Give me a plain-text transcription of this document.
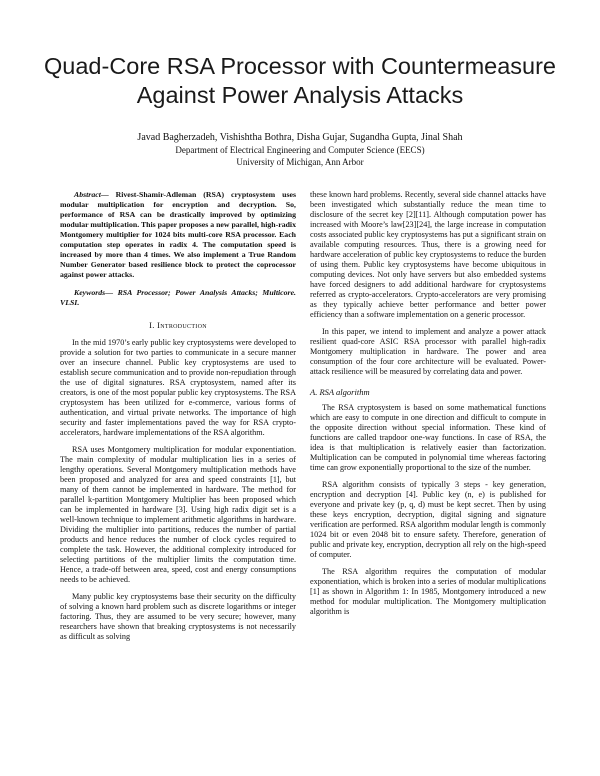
Quad-Core RSA Processor with Countermeasure
Against Power Analysis Attacks
Javad Bagherzadeh, Vishishtha Bothra, Disha Gujar, Sugandha Gupta, Jinal Shah
Department of Electrical Engineering and Computer Science (EECS)
University of Michigan, Ann Arbor

Abstract— Rivest-Shamir-Adleman (RSA) cryptosystem uses modular multiplication for encryption and decryption. So, performance of RSA can be drastically improved by optimizing modular multiplication. This paper proposes a new parallel, high-radix Montgomery multiplier for 1024 bits multi-core RSA processor. Each computation step operates in radix 4. The computation speed is increased by more than 4 times. We also implement a True Random Number Generator based resilience block to protect the coprocessor against power attacks.

Keywords— RSA Processor; Power Analysis Attacks; Multicore. VLSI.

I. Introduction

In the mid 1970’s early public key cryptosystems were developed to provide a solution for two parties to communicate in a secure manner over an insecure channel. Public key cryptosystems are used to establish secure communication and to provide non-repudiation through the use of digital signatures. RSA cryptosystem, named after its creators, is one of the most popular public key cryptosystems. The RSA cryptosystem has been utilized for e-commerce, various forms of authentication, and virtual private networks. The importance of high security and faster implementations paved the way for RSA crypto-accelerators, hardware implementations of the RSA algorithm.

RSA uses Montgomery multiplication for modular exponentiation. The main complexity of modular multiplication lies in a series of lengthy operations. Several Montgomery multiplication methods have been proposed and analyzed for area and speed constraints [1], but many of them cannot be implemented in hardware. The method for parallel k-partition Montgomery Multiplier has been proposed which can be implemented in hardware [3]. Using high radix digit set is a well-known technique to implement arithmetic algorithms in hardware. Dividing the multiplier into partitions, reduces the number of partial products and hence reduces the number of clock cycles required to complete the task. However, the additional complexity introduced for selecting partitions of the multiplier limits the computation time. Hence, a trade-off between area, speed, cost and energy consumptions needs to be achieved.

Many public key cryptosystems base their security on the difficulty of solving a known hard problem such as discrete logarithms or integer factoring. Thus, they are assumed to be very secure; however, many researchers have shown that breaking cryptosystems is not necessarily as difficult as solving

these known hard problems. Recently, several side channel attacks have been investigated which substantially reduce the mean time to disclosure of the secret key [2][11]. Although computation power has increased with Moore’s law[23][24], the large increase in computation costs associated public key cryptosystems has put a significant strain on available computing resources. Thus, there is a growing need for hardware acceleration of public key cryptosystems to reduce the burden of using them. Public key cryptosystems have become ubiquitous in computing devices. Not only have servers but also embedded systems have forced designers to add additional hardware for cryptosystems referred as crypto-accelerators. Crypto-accelerators are very promising as they typically achieve better performance and better power efficiency than a software implementation on a generic processor.

In this paper, we intend to implement and analyze a power attack resilient quad-core ASIC RSA processor with parallel high-radix Montgomery multiplication in hardware. The power and area consumption of the four core architecture will be evaluated. Power-attack resilience will be measured by correlating data and power.

A. RSA algorithm

The RSA cryptosystem is based on some mathematical functions which are easy to compute in one direction and difficult to compute in the opposite direction without special information. These kind of functions are called trapdoor one-way functions. In case of RSA, the idea is that multiplication is relatively easier than factorization. Multiplication can be computed in polynomial time whereas factoring time can grow exponentially proportional to the size of the number.

RSA algorithm consists of typically 3 steps - key generation, encryption and decryption [4]. Public key (n, e) is published for everyone and private key (p, q, d) must be kept secret. Then by using these keys encryption, decryption, digital signing and signature verification are performed. RSA algorithm modular length is commonly 1024 bit or even 2048 bit to ensure safety. Therefore, generation of public and private key, encryption, decryption all rely on the high-speed of computer.

The RSA algorithm requires the computation of modular exponentiation, which is broken into a series of modular multiplications [1] as shown in Algorithm 1: In 1985, Montgomery introduced a new method for modular multiplication. The Montgomery multiplication algorithm is
